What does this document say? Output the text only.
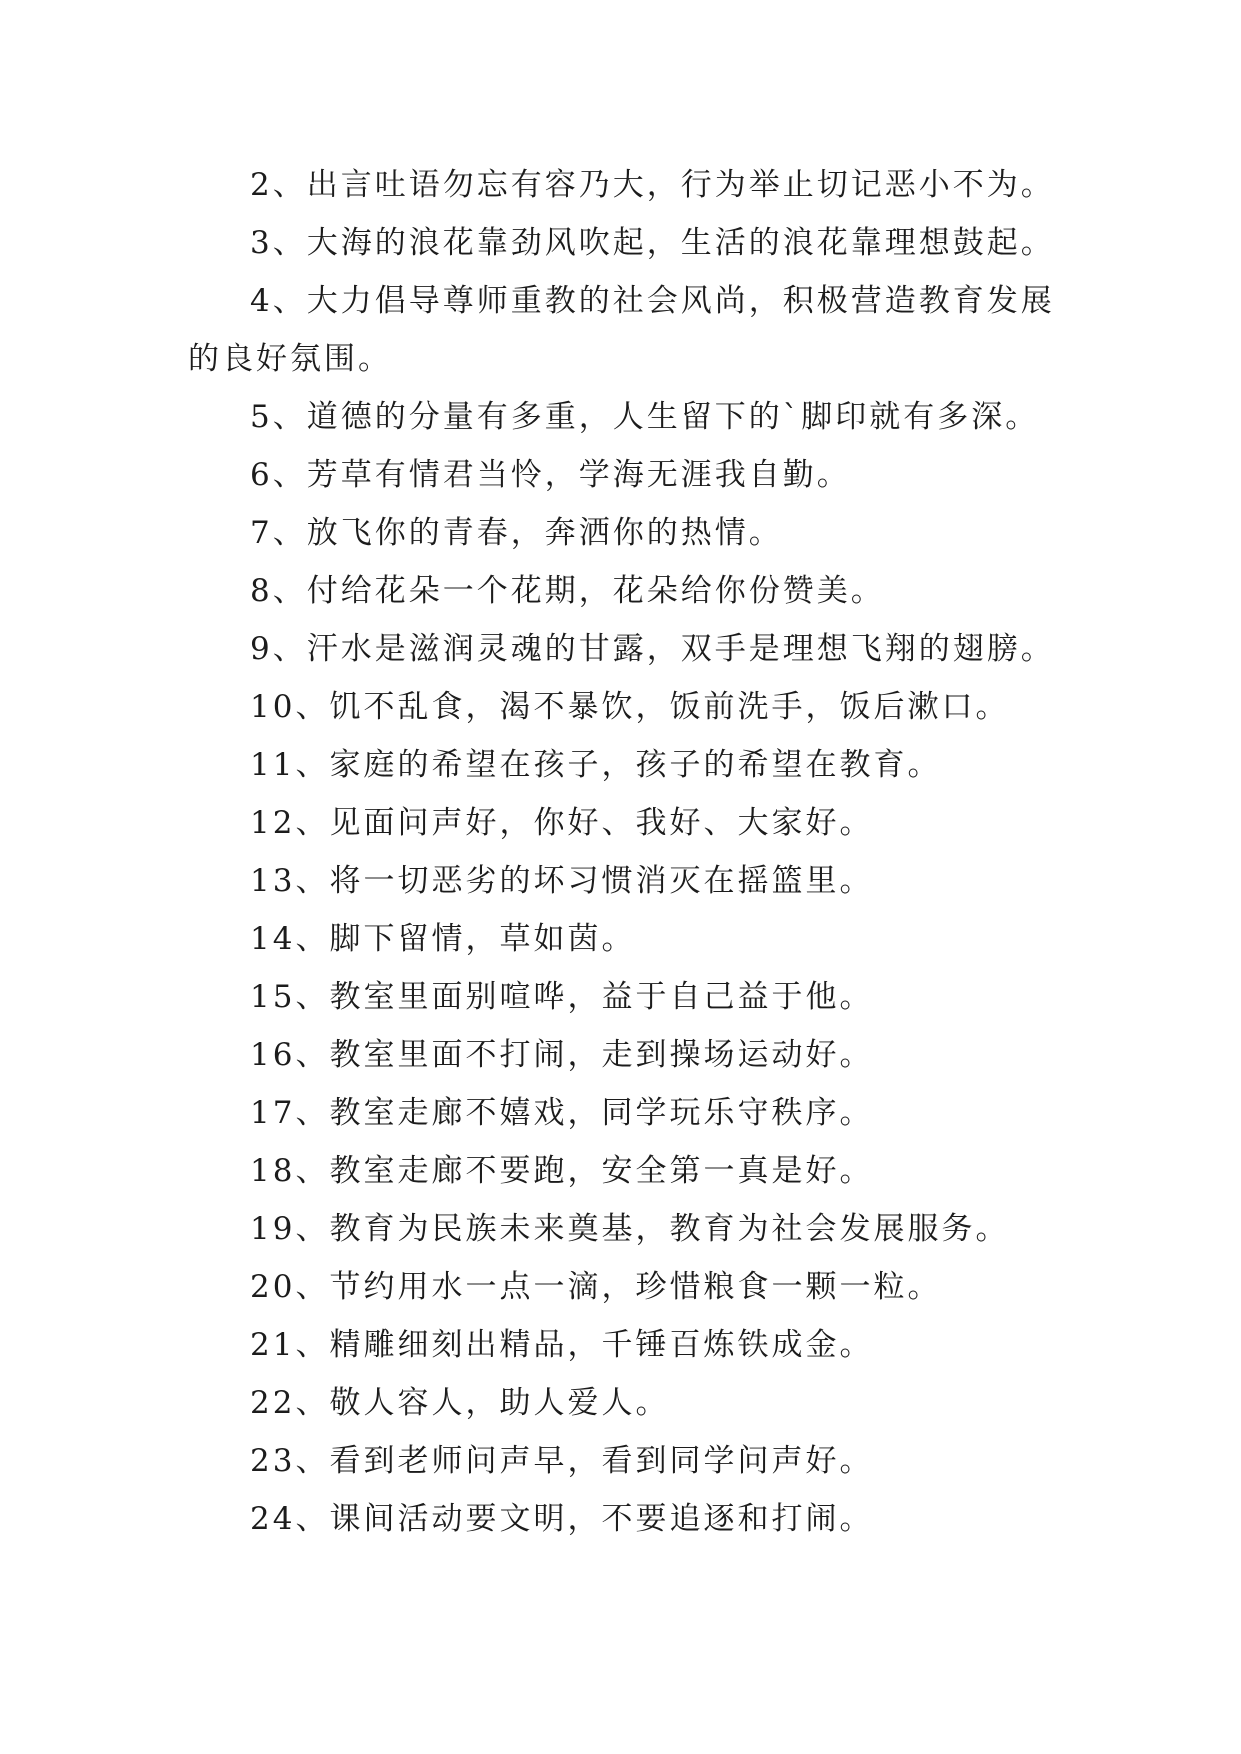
2、出言吐语勿忘有容乃大，行为举止切记恶小不为。

3、大海的浪花靠劲风吹起，生活的浪花靠理想鼓起。

4、大力倡导尊师重教的社会风尚，积极营造教育发展的良好氛围。

5、道德的分量有多重，人生留下的`脚印就有多深。

6、芳草有情君当怜，学海无涯我自勤。

7、放飞你的青春，奔洒你的热情。

8、付给花朵一个花期，花朵给你份赞美。

9、汗水是滋润灵魂的甘露，双手是理想飞翔的翅膀。

10、饥不乱食，渴不暴饮，饭前洗手，饭后漱口。

11、家庭的希望在孩子，孩子的希望在教育。

12、见面问声好，你好、我好、大家好。

13、将一切恶劣的坏习惯消灭在摇篮里。

14、脚下留情，草如茵。

15、教室里面别喧哗，益于自己益于他。

16、教室里面不打闹，走到操场运动好。

17、教室走廊不嬉戏，同学玩乐守秩序。

18、教室走廊不要跑，安全第一真是好。

19、教育为民族未来奠基，教育为社会发展服务。

20、节约用水一点一滴，珍惜粮食一颗一粒。

21、精雕细刻出精品，千锤百炼铁成金。

22、敬人容人，助人爱人。

23、看到老师问声早，看到同学问声好。

24、课间活动要文明，不要追逐和打闹。
